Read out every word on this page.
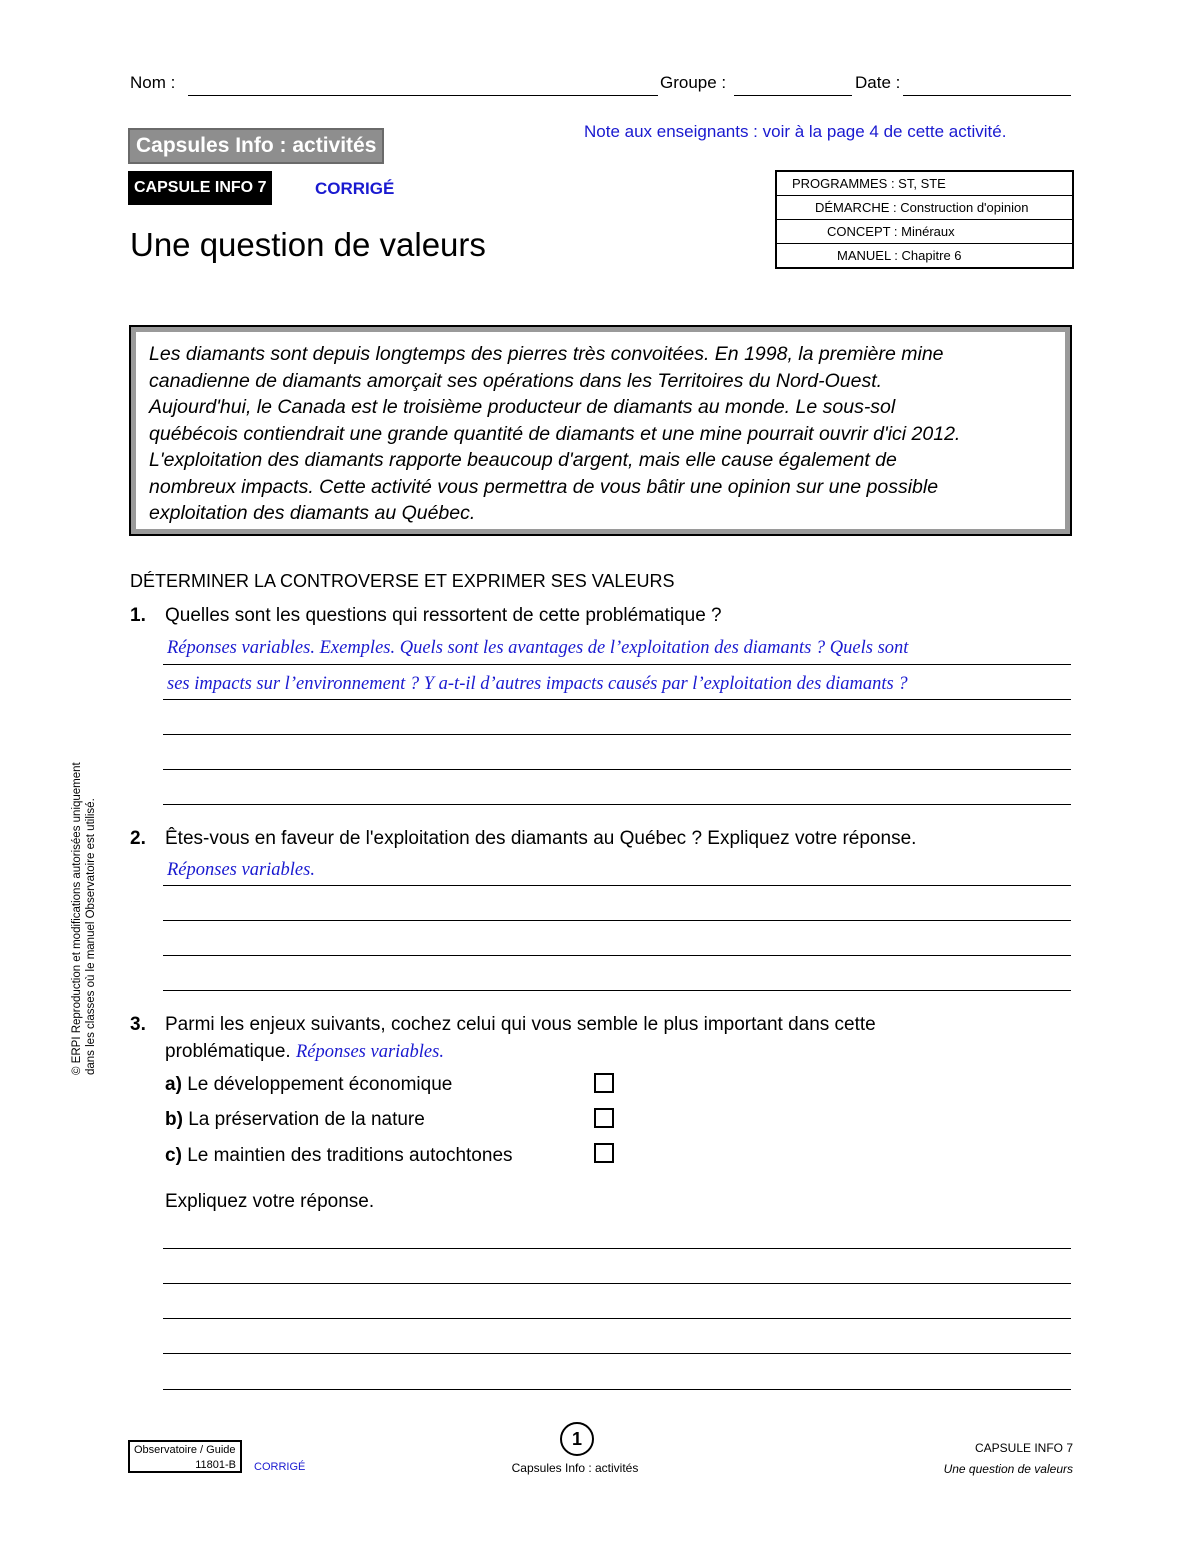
Nom :	Groupe :	Date :
Capsules Info : activités
Note aux enseignants : voir à la page 4 de cette activité.
CAPSULE INFO 7	CORRIGÉ
Une question de valeurs
PROGRAMMES : ST, STE
DÉMARCHE : Construction d'opinion
CONCEPT : Minéraux
MANUEL : Chapitre 6
Les diamants sont depuis longtemps des pierres très convoitées. En 1998, la première mine
canadienne de diamants amorçait ses opérations dans les Territoires du Nord-Ouest.
Aujourd'hui, le Canada est le troisième producteur de diamants au monde. Le sous-sol
québécois contiendrait une grande quantité de diamants et une mine pourrait ouvrir d'ici 2012.
L'exploitation des diamants rapporte beaucoup d'argent, mais elle cause également de
nombreux impacts. Cette activité vous permettra de vous bâtir une opinion sur une possible
exploitation des diamants au Québec.
DÉTERMINER LA CONTROVERSE ET EXPRIMER SES VALEURS
1. Quelles sont les questions qui ressortent de cette problématique ?
Réponses variables. Exemples. Quels sont les avantages de l’exploitation des diamants ? Quels sont
ses impacts sur l’environnement ? Y a-t-il d’autres impacts causés par l’exploitation des diamants ?
2. Êtes-vous en faveur de l'exploitation des diamants au Québec ? Expliquez votre réponse.
Réponses variables.
3. Parmi les enjeux suivants, cochez celui qui vous semble le plus important dans cette
problématique. Réponses variables.
a) Le développement économique
b) La préservation de la nature
c) Le maintien des traditions autochtones
Expliquez votre réponse.
© ERPI Reproduction et modifications autorisées uniquement dans les classes où le manuel Observatoire est utilisé.
Observatoire / Guide
11801-B CORRIGÉ
1
Capsules Info : activités
CAPSULE INFO 7
Une question de valeurs
